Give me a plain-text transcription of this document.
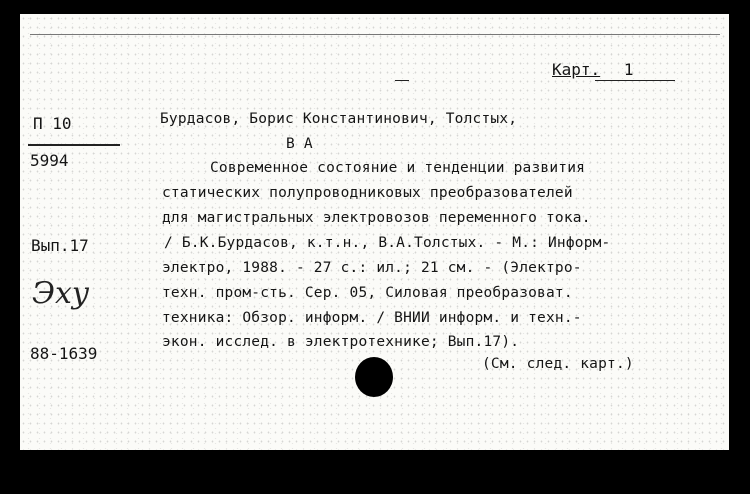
Карт. 1
П 10
5994
Вып.17
Эху
88-1639
Бурдасов, Борис Константинович, Толстых,
В А
Современное состояние и тенденции развития
статических полупроводниковых преобразователей
для магистральных электровозов переменного тока.
/ Б.К.Бурдасов, к.т.н., В.А.Толстых. - М.: Информ-
электро, 1988. - 27 с.: ил.; 21 см. - (Электро-
техн. пром-сть. Сер. 05, Силовая преобразоват.
техника: Обзор. информ. / ВНИИ информ. и техн.-
экон. исслед. в электротехнике; Вып.17).
(См. след. карт.)
